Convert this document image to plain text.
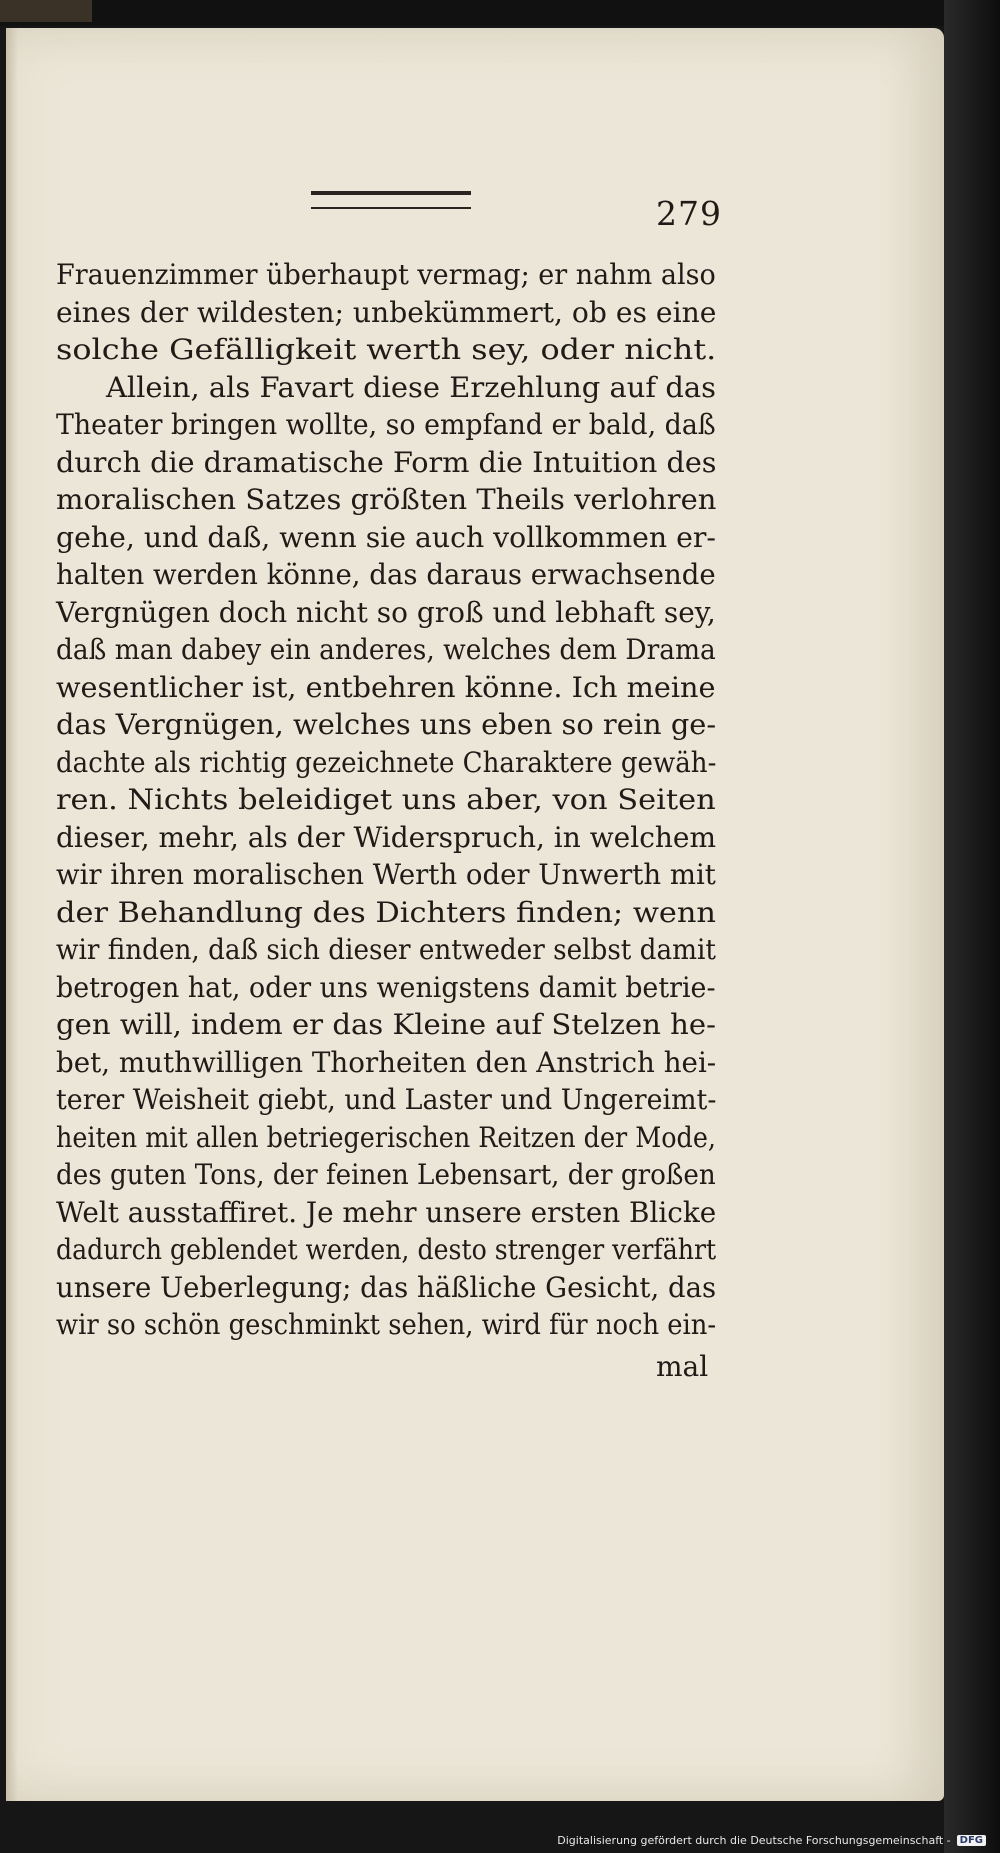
279
Frauenzimmer überhaupt vermag; er nahm also
eines der wildesten; unbekümmert, ob es eine
solche Gefälligkeit werth sey, oder nicht.
Allein, als Favart diese Erzehlung auf das
Theater bringen wollte, so empfand er bald, daß
durch die dramatische Form die Intuition des
moralischen Satzes größten Theils verlohren
gehe, und daß, wenn sie auch vollkommen er-
halten werden könne, das daraus erwachsende
Vergnügen doch nicht so groß und lebhaft sey,
daß man dabey ein anderes, welches dem Drama
wesentlicher ist, entbehren könne. Ich meine
das Vergnügen, welches uns eben so rein ge-
dachte als richtig gezeichnete Charaktere gewäh-
ren. Nichts beleidiget uns aber, von Seiten
dieser, mehr, als der Widerspruch, in welchem
wir ihren moralischen Werth oder Unwerth mit
der Behandlung des Dichters finden; wenn
wir finden, daß sich dieser entweder selbst damit
betrogen hat, oder uns wenigstens damit betrie-
gen will, indem er das Kleine auf Stelzen he-
bet, muthwilligen Thorheiten den Anstrich hei-
terer Weisheit giebt, und Laster und Ungereimt-
heiten mit allen betriegerischen Reitzen der Mode,
des guten Tons, der feinen Lebensart, der großen
Welt ausstaffiret. Je mehr unsere ersten Blicke
dadurch geblendet werden, desto strenger verfährt
unsere Ueberlegung; das häßliche Gesicht, das
wir so schön geschminkt sehen, wird für noch ein-
mal
Digitalisierung gefördert durch die Deutsche Forschungsgemeinschaft - DFG
